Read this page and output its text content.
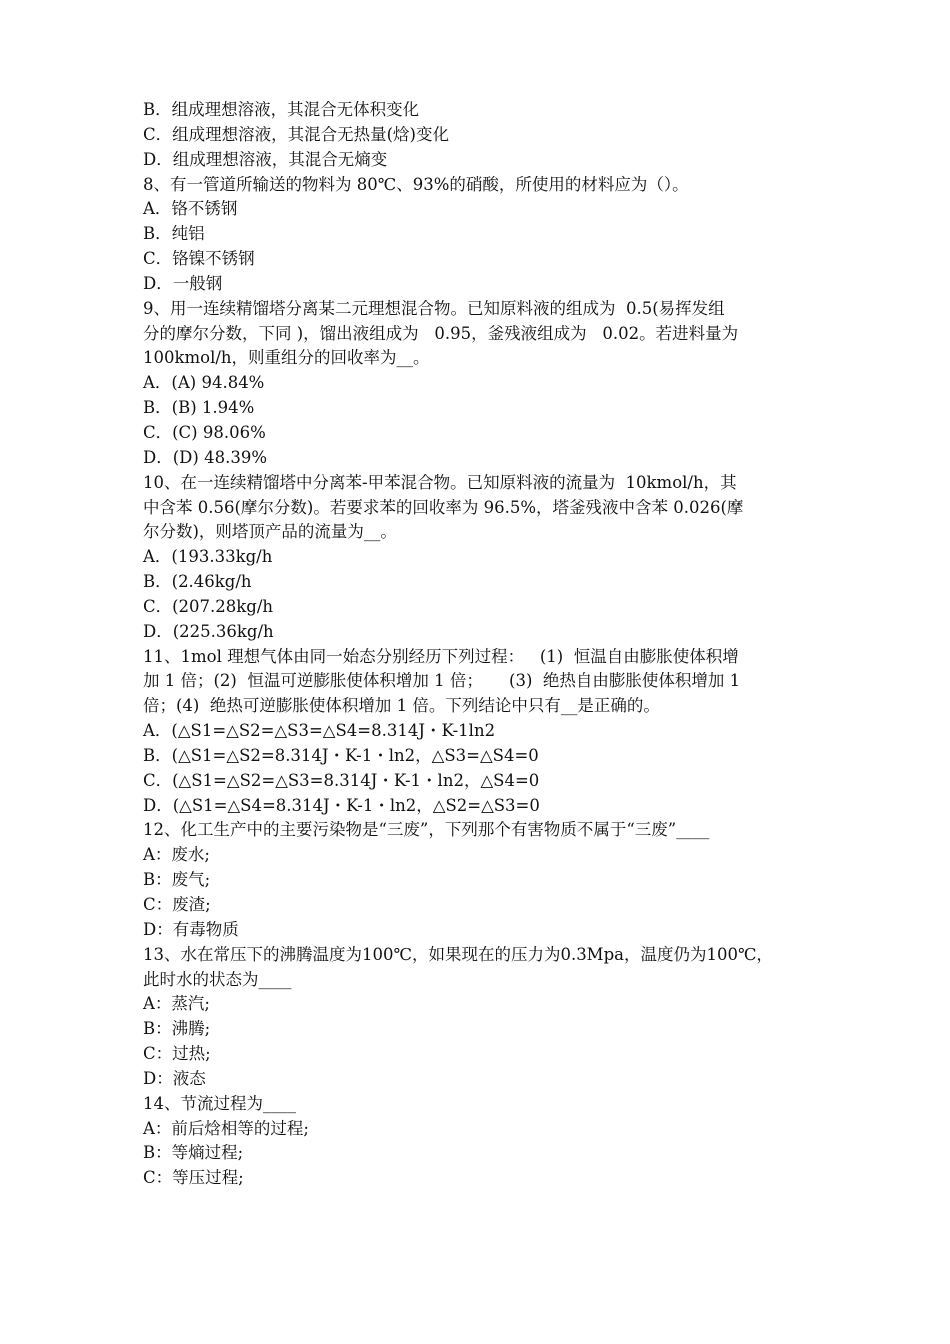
B．组成理想溶液，其混合无体积变化

C．组成理想溶液，其混合无热量(焓)变化

D．组成理想溶液，其混合无熵变

8、有一管道所输送的物料为 80℃、93%的硝酸，所使用的材料应为（）。

A．铬不锈钢

B．纯铝

C．铬镍不锈钢

D．一般钢

9、用一连续精馏塔分离某二元理想混合物。已知原料液的组成为  0.5(易挥发组

分的摩尔分数，下同 )，馏出液组成为   0.95，釜残液组成为   0.02。若进料量为

100kmol/h，则重组分的回收率为__。

A．(A) 94.84%

B．(B) 1.94%

C．(C) 98.06%

D．(D) 48.39%

10、在一连续精馏塔中分离苯-甲苯混合物。已知原料液的流量为  10kmol/h，其

中含苯 0.56(摩尔分数)。若要求苯的回收率为 96.5%，塔釜残液中含苯 0.026(摩

尔分数)，则塔顶产品的流量为__。

A．(193.33kg/h

B．(2.46kg/h

C．(207.28kg/h

D．(225.36kg/h

11、1mol 理想气体由同一始态分别经历下列过程：   (1)  恒温自由膨胀使体积增

加 1 倍；(2)  恒温可逆膨胀使体积增加 1 倍；     (3)  绝热自由膨胀使体积增加 1

倍；(4)  绝热可逆膨胀使体积增加 1 倍。下列结论中只有__是正确的。

A．(△S1=△S2=△S3=△S4=8.314J・K-1ln2

B．(△S1=△S2=8.314J・K-1・ln2，△S3=△S4=0

C．(△S1=△S2=△S3=8.314J・K-1・ln2，△S4=0

D．(△S1=△S4=8.314J・K-1・ln2，△S2=△S3=0

12、化工生产中的主要污染物是“三废”，下列那个有害物质不属于“三废”____

A：废水;

B：废气;

C：废渣;

D：有毒物质

13、水在常压下的沸腾温度为100℃，如果现在的压力为0.3Mpa，温度仍为100℃，

此时水的状态为____

A：蒸汽;

B：沸腾;

C：过热;

D：液态

14、节流过程为____

A：前后焓相等的过程;

B：等熵过程;

C：等压过程;
